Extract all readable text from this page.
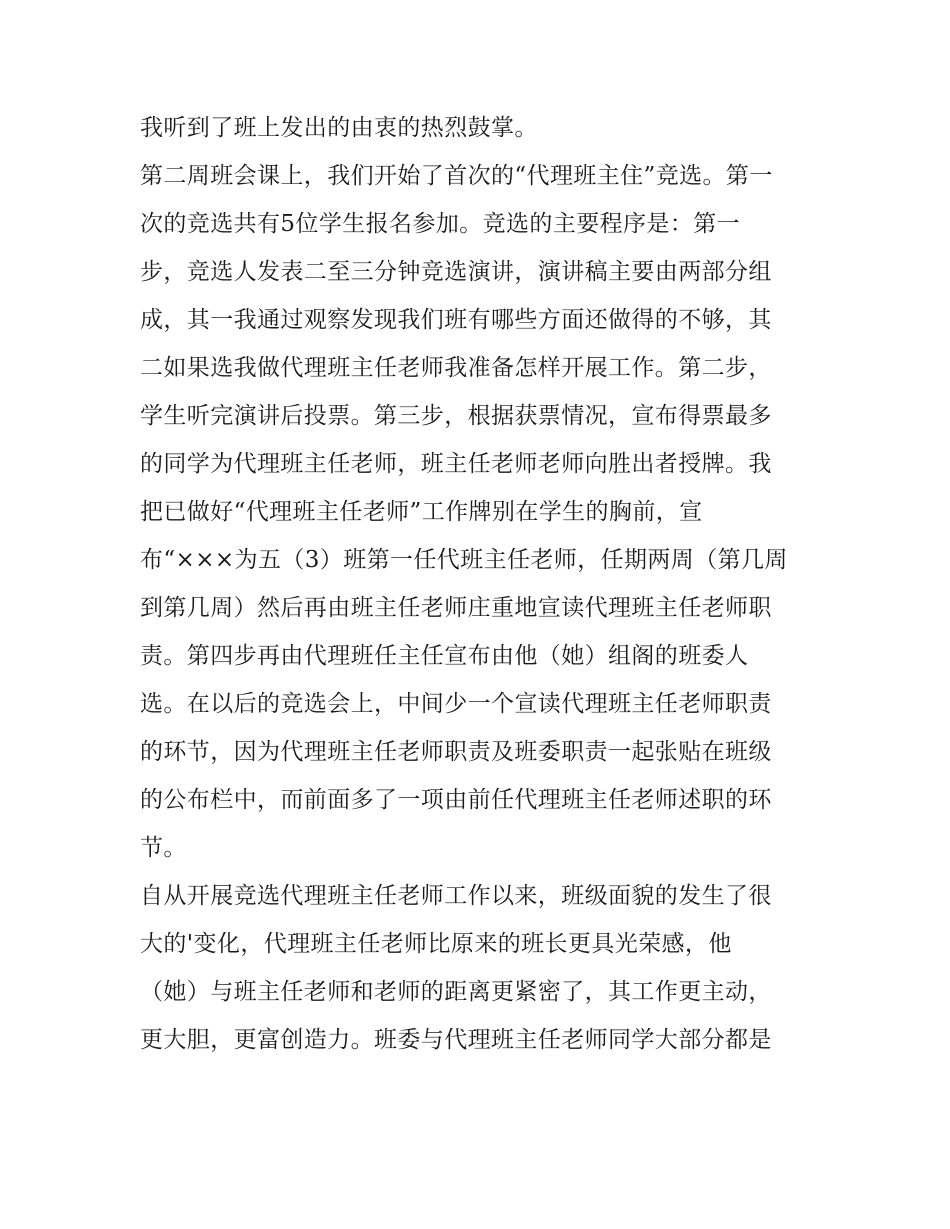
我听到了班上发出的由衷的热烈鼓掌。
第二周班会课上，我们开始了首次的“代理班主住”竞选。第一
次的竞选共有5位学生报名参加。竞选的主要程序是：第一
步，竞选人发表二至三分钟竞选演讲，演讲稿主要由两部分组
成，其一我通过观察发现我们班有哪些方面还做得的不够，其
二如果选我做代理班主任老师我准备怎样开展工作。第二步，
学生听完演讲后投票。第三步，根据获票情况，宣布得票最多
的同学为代理班主任老师，班主任老师老师向胜出者授牌。我
把已做好“代理班主任老师”工作牌别在学生的胸前，宣
布“×××为五（3）班第一任代班主任老师，任期两周（第几周
到第几周）然后再由班主任老师庄重地宣读代理班主任老师职
责。第四步再由代理班任主任宣布由他（她）组阁的班委人
选。在以后的竞选会上，中间少一个宣读代理班主任老师职责
的环节，因为代理班主任老师职责及班委职责一起张贴在班级
的公布栏中，而前面多了一项由前任代理班主任老师述职的环
节。
自从开展竞选代理班主任老师工作以来，班级面貌的发生了很
大的'变化，代理班主任老师比原来的班长更具光荣感，他
（她）与班主任老师和老师的距离更紧密了，其工作更主动，
更大胆，更富创造力。班委与代理班主任老师同学大部分都是
